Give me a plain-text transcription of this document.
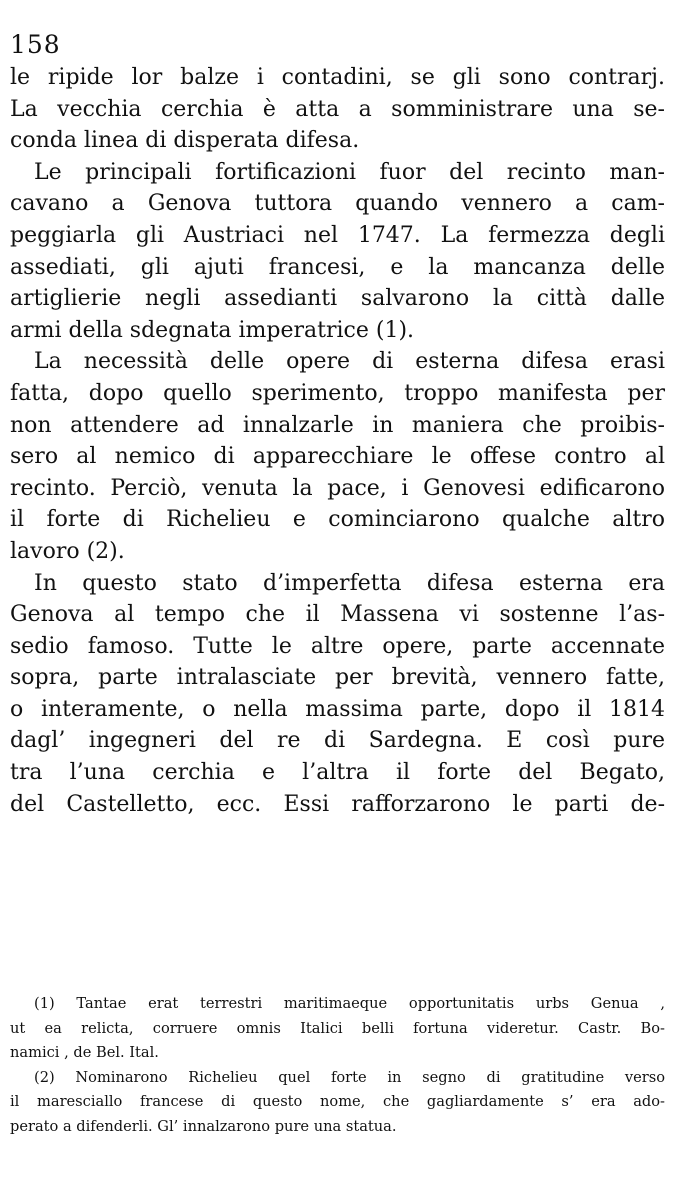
158
le ripide lor balze i contadini, se gli sono contrarj.
La vecchia cerchia è atta a somministrare una se-
conda linea di disperata difesa.
Le principali fortificazioni fuor del recinto man-
cavano a Genova tuttora quando vennero a cam-
peggiarla gli Austriaci nel 1747. La fermezza degli
assediati, gli ajuti francesi, e la mancanza delle
artiglierie negli assedianti salvarono la città dalle
armi della sdegnata imperatrice (1).
La necessità delle opere di esterna difesa erasi
fatta, dopo quello sperimento, troppo manifesta per
non attendere ad innalzarle in maniera che proibis-
sero al nemico di apparecchiare le offese contro al
recinto. Perciò, venuta la pace, i Genovesi edificarono
il forte di Richelieu e cominciarono qualche altro
lavoro (2).
In questo stato d’imperfetta difesa esterna era
Genova al tempo che il Massena vi sostenne l’as-
sedio famoso. Tutte le altre opere, parte accennate
sopra, parte intralasciate per brevità, vennero fatte,
o interamente, o nella massima parte, dopo il 1814
dagl’ ingegneri del re di Sardegna. E così pure
tra l’una cerchia e l’altra il forte del Begato,
del Castelletto, ecc. Essi rafforzarono le parti de-
(1) Tantae erat terrestri maritimaeque opportunitatis urbs Genua ,
ut ea relicta, corruere omnis Italici belli fortuna videretur. Castr. Bo-
namici , de Bel. Ital.
(2) Nominarono Richelieu quel forte in segno di gratitudine verso
il maresciallo francese di questo nome, che gagliardamente s’ era ado-
perato a difenderli. Gl’ innalzarono pure una statua.
